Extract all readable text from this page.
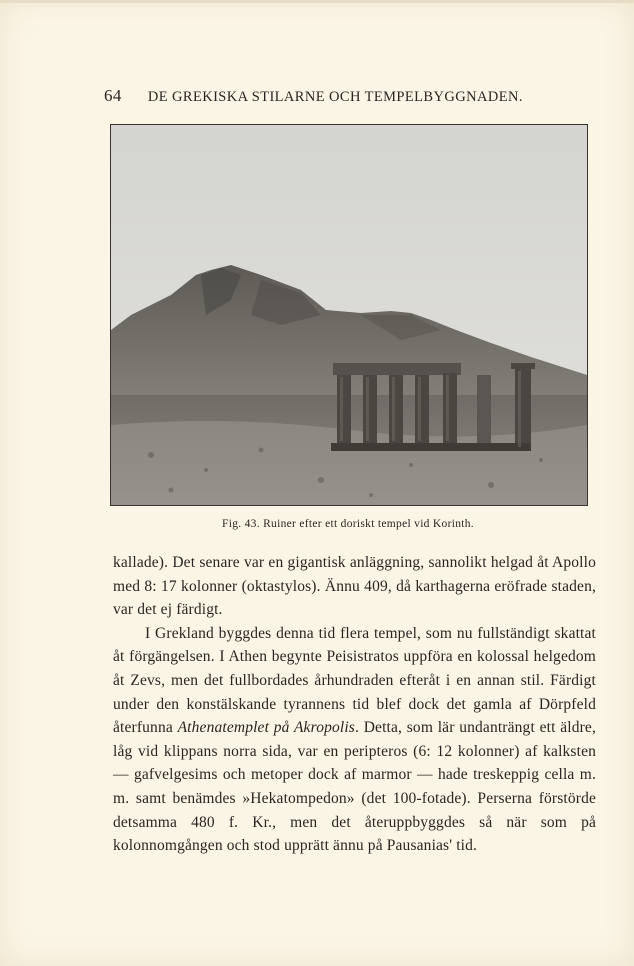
64 DE GREKISKA STILARNE OCH TEMPELBYGGNADEN.
Fig. 43. Ruiner efter ett doriskt tempel vid Korinth.

kallade). Det senare var en gigantisk anläggning, sannolikt helgad åt Apollo med 8: 17 kolonner (oktastylos). Ännu 409, då karthagerna eröfrade staden, var det ej färdigt.

I Grekland byggdes denna tid flera tempel, som nu fullständigt skattat åt förgängelsen. I Athen begynte Peisistratos uppföra en kolossal helgedom åt Zevs, men det fullbordades århundraden efteråt i en annan stil. Färdigt under den konstälskande tyrannens tid blef dock det gamla af Dörpfeld återfunna Athenatemplet på Akropolis. Detta, som lär undanträngt ett äldre, låg vid klippans norra sida, var en peripteros (6: 12 kolonner) af kalksten — gafvelgesims och metoper dock af marmor — hade treskeppig cella m. m. samt benämdes »Hekatompedon» (det 100-fotade). Perserna förstörde detsamma 480 f. Kr., men det återuppbyggdes så när som på kolonnomgången och stod upprätt ännu på Pausanias' tid.
